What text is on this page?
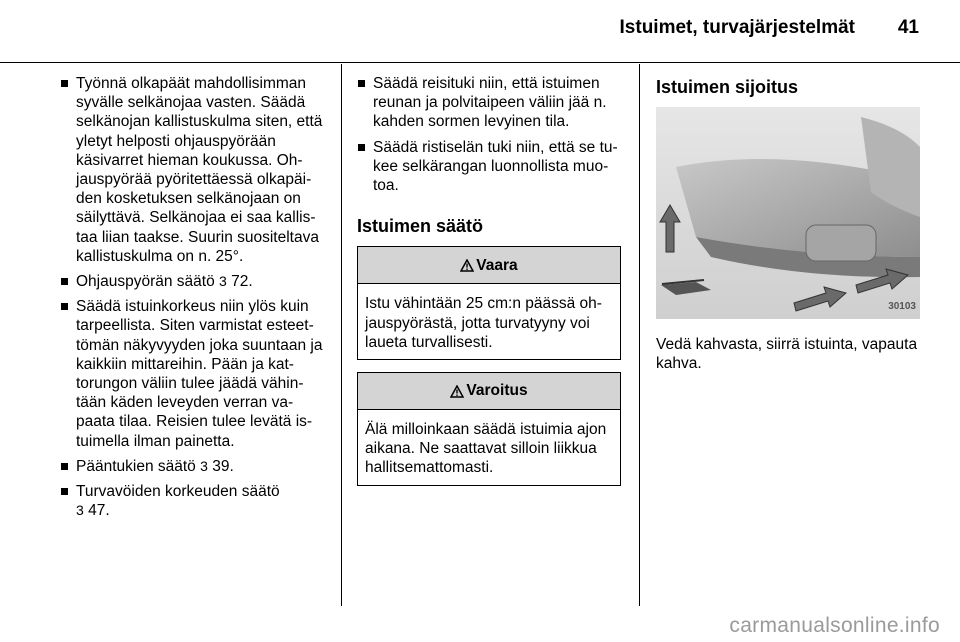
Istuimet, turvajärjestelmät 41
Työnnä olkapäät mahdollisimman syvälle selkänojaa vasten. Säädä selkänojan kallistuskulma siten, että yletyt helposti ohjauspyörään käsivarret hieman koukussa. Ohjauspyörää pyöritettäessä olkapäiden kosketuksen selkänojaan on säilyttävä. Selkänojaa ei saa kallistaa liian taakse. Suurin suositeltava kallistuskulma on n. 25°.
Ohjauspyörän säätö 3 72.
Säädä istuinkorkeus niin ylös kuin tarpeellista. Siten varmistat esteettömän näkyvyyden joka suuntaan ja kaikkiin mittareihin. Pään ja kattorungon väliin tulee jäädä vähintään käden leveyden verran vapaata tilaa. Reisien tulee levätä istuimella ilman painetta.
Pääntukien säätö 3 39.
Turvavöiden korkeuden säätö
3 47.
Säädä reisituki niin, että istuimen reunan ja polvitaipeen väliin jää n. kahden sormen levyinen tila.
Säädä ristiselän tuki niin, että se tukee selkärangan luonnollista muotoa.
Istuimen säätö
Vaara
Istu vähintään 25 cm:n päässä ohjauspyörästä, jotta turvatyyny voi laueta turvallisesti.
Varoitus
Älä milloinkaan säädä istuimia ajon aikana. Ne saattavat silloin liikkua hallitsemattomasti.
Istuimen sijoitus
30103

Vedä kahvasta, siirrä istuinta, vapauta kahva.

carmanualsonline.info
